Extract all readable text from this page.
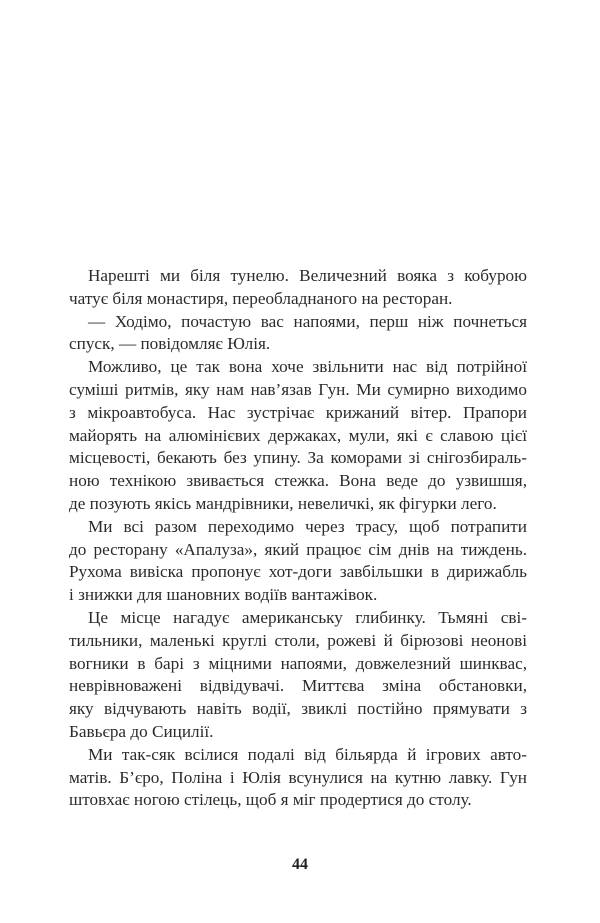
Нарешті ми біля тунелю. Величезний вояка з кобурою
чатує біля монастиря, переобладнаного на ресторан.
— Ходімо, почастую вас напоями, перш ніж почнеться
спуск, — повідомляє Юлія.
Можливо, це так вона хоче звільнити нас від потрійної
суміші ритмів, яку нам нав’язав Гун. Ми сумирно виходимо
з мікроавтобуса. Нас зустрічає крижаний вітер. Прапори
майорять на алюмінієвих держаках, мули, які є славою цієї
місцевості, бекають без упину. За коморами зі снігозбираль-
ною технікою звивається стежка. Вона веде до узвишшя,
де позують якісь мандрівники, невеличкі, як фігурки лего.
Ми всі разом переходимо через трасу, щоб потрапити
до ресторану «Апалуза», який працює сім днів на тиждень.
Рухома вивіска пропонує хот-доги завбільшки в дирижабль
і знижки для шановних водіїв вантажівок.
Це місце нагадує американську глибинку. Тьмяні сві-
тильники, маленькі круглі столи, рожеві й бірюзові неонові
вогники в барі з міцними напоями, довжелезний шинквас,
неврівноважені відвідувачі. Миттєва зміна обстановки,
яку відчувають навіть водії, звиклі постійно прямувати з
Бавьєра до Сицилії.
Ми так-сяк всілися подалі від більярда й ігрових авто-
матів. Б’єро, Поліна і Юлія всунулися на кутню лавку. Гун
штовхає ногою стілець, щоб я міг продертися до столу.
44
